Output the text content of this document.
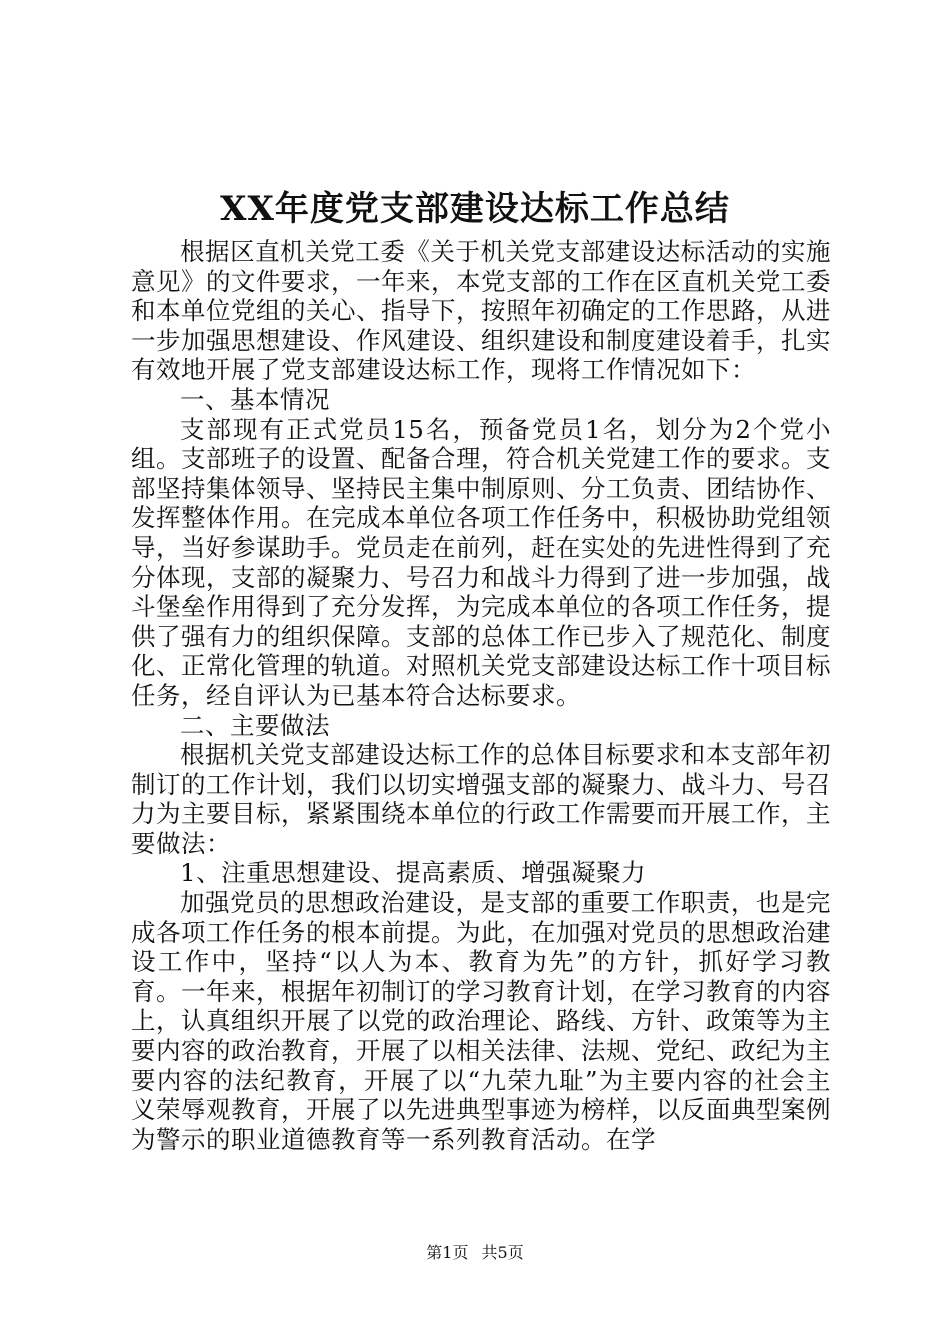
XX年度党支部建设达标工作总结

根据区直机关党工委《关于机关党支部建设达标活动的实施意见》的文件要求，一年来，本党支部的工作在区直机关党工委和本单位党组的关心、指导下，按照年初确定的工作思路，从进一步加强思想建设、作风建设、组织建设和制度建设着手，扎实有效地开展了党支部建设达标工作，现将工作情况如下：

一、基本情况

支部现有正式党员15名，预备党员1名，划分为2个党小组。支部班子的设置、配备合理，符合机关党建工作的要求。支部坚持集体领导、坚持民主集中制原则、分工负责、团结协作、发挥整体作用。在完成本单位各项工作任务中，积极协助党组领导，当好参谋助手。党员走在前列，赶在实处的先进性得到了充分体现，支部的凝聚力、号召力和战斗力得到了进一步加强，战斗堡垒作用得到了充分发挥，为完成本单位的各项工作任务，提供了强有力的组织保障。支部的总体工作已步入了规范化、制度化、正常化管理的轨道。对照机关党支部建设达标工作十项目标任务，经自评认为已基本符合达标要求。

二、主要做法

根据机关党支部建设达标工作的总体目标要求和本支部年初制订的工作计划，我们以切实增强支部的凝聚力、战斗力、号召力为主要目标，紧紧围绕本单位的行政工作需要而开展工作，主要做法：

1、注重思想建设、提高素质、增强凝聚力

加强党员的思想政治建设，是支部的重要工作职责，也是完成各项工作任务的根本前提。为此，在加强对党员的思想政治建设工作中，坚持“以人为本、教育为先”的方针，抓好学习教育。一年来，根据年初制订的学习教育计划，在学习教育的内容上，认真组织开展了以党的政治理论、路线、方针、政策等为主要内容的政治教育，开展了以相关法律、法规、党纪、政纪为主要内容的法纪教育，开展了以“九荣九耻”为主要内容的社会主义荣辱观教育，开展了以先进典型事迹为榜样，以反面典型案例为警示的职业道德教育等一系列教育活动。在学

第1页 共5页
